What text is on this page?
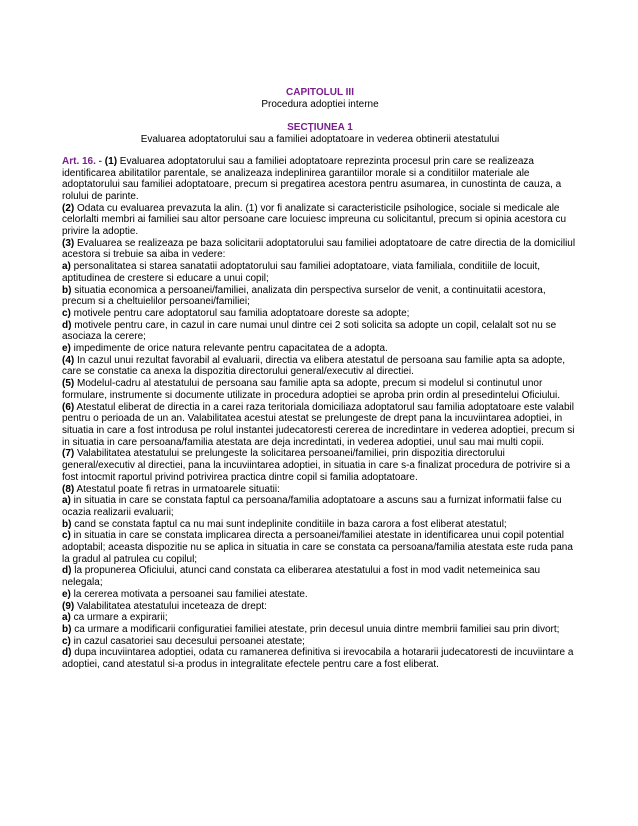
CAPITOLUL III

Procedura adoptiei interne

SECŢIUNEA 1

Evaluarea adoptatorului sau a familiei adoptatoare in vederea obtinerii atestatului

Art. 16. - (1) Evaluarea adoptatorului sau a familiei adoptatoare reprezinta procesul prin care se realizeaza identificarea abilitatilor parentale, se analizeaza indeplinirea garantiilor morale si a conditiilor materiale ale adoptatorului sau familiei adoptatoare, precum si pregatirea acestora pentru asumarea, in cunostinta de cauza, a rolului de parinte.

(2) Odata cu evaluarea prevazuta la alin. (1) vor fi analizate si caracteristicile psihologice, sociale si medicale ale celorlalti membri ai familiei sau altor persoane care locuiesc impreuna cu solicitantul, precum si opinia acestora cu privire la adoptie.

(3) Evaluarea se realizeaza pe baza solicitarii adoptatorului sau familiei adoptatoare de catre directia de la domiciliul acestora si trebuie sa aiba in vedere:

a) personalitatea si starea sanatatii adoptatorului sau familiei adoptatoare, viata familiala, conditiile de locuit, aptitudinea de crestere si educare a unui copil;

b) situatia economica a persoanei/familiei, analizata din perspectiva surselor de venit, a continuitatii acestora, precum si a cheltuielilor persoanei/familiei;

c) motivele pentru care adoptatorul sau familia adoptatoare doreste sa adopte;

d) motivele pentru care, in cazul in care numai unul dintre cei 2 soti solicita sa adopte un copil, celalalt sot nu se asociaza la cerere;

e) impedimente de orice natura relevante pentru capacitatea de a adopta.

(4) In cazul unui rezultat favorabil al evaluarii, directia va elibera atestatul de persoana sau familie apta sa adopte, care se constatie ca anexa la dispozitia directorului general/executiv al directiei.

(5) Modelul-cadru al atestatului de persoana sau familie apta sa adopte, precum si modelul si continutul unor formulare, instrumente si documente utilizate in procedura adoptiei se aproba prin ordin al presedintelui Oficiului.

(6) Atestatul eliberat de directia in a carei raza teritoriala domiciliaza adoptatorul sau familia adoptatoare este valabil pentru o perioada de un an. Valabilitatea acestui atestat se prelungeste de drept pana la incuviintarea adoptiei, in situatia in care a fost introdusa pe rolul instantei judecatoresti cererea de incredintare in vederea adoptiei, precum si in situatia in care persoana/familia atestata are deja incredintati, in vederea adoptiei, unul sau mai multi copii.

(7) Valabilitatea atestatului se prelungeste la solicitarea persoanei/familiei, prin dispozitia directorului general/executiv al directiei, pana la incuviintarea adoptiei, in situatia in care s-a finalizat procedura de potrivire si a fost intocmit raportul privind potrivirea practica dintre copil si familia adoptatoare.

(8) Atestatul poate fi retras in urmatoarele situatii:

a) in situatia in care se constata faptul ca persoana/familia adoptatoare a ascuns sau a furnizat informatii false cu ocazia realizarii evaluarii;

b) cand se constata faptul ca nu mai sunt indeplinite conditiile in baza carora a fost eliberat atestatul;

c) in situatia in care se constata implicarea directa a persoanei/familiei atestate in identificarea unui copil potential adoptabil; aceasta dispozitie nu se aplica in situatia in care se constata ca persoana/familia atestata este ruda pana la gradul al patrulea cu copilul;

d) la propunerea Oficiului, atunci cand constata ca eliberarea atestatului a fost in mod vadit netemeinica sau nelegala;

e) la cererea motivata a persoanei sau familiei atestate.

(9) Valabilitatea atestatului inceteaza de drept:

a) ca urmare a expirarii;

b) ca urmare a modificarii configuratiei familiei atestate, prin decesul unuia dintre membrii familiei sau prin divort;

c) in cazul casatoriei sau decesului persoanei atestate;

d) dupa incuviintarea adoptiei, odata cu ramanerea definitiva si irevocabila a hotararii judecatoresti de incuviintare a adoptiei, cand atestatul si-a produs in integralitate efectele pentru care a fost eliberat.
